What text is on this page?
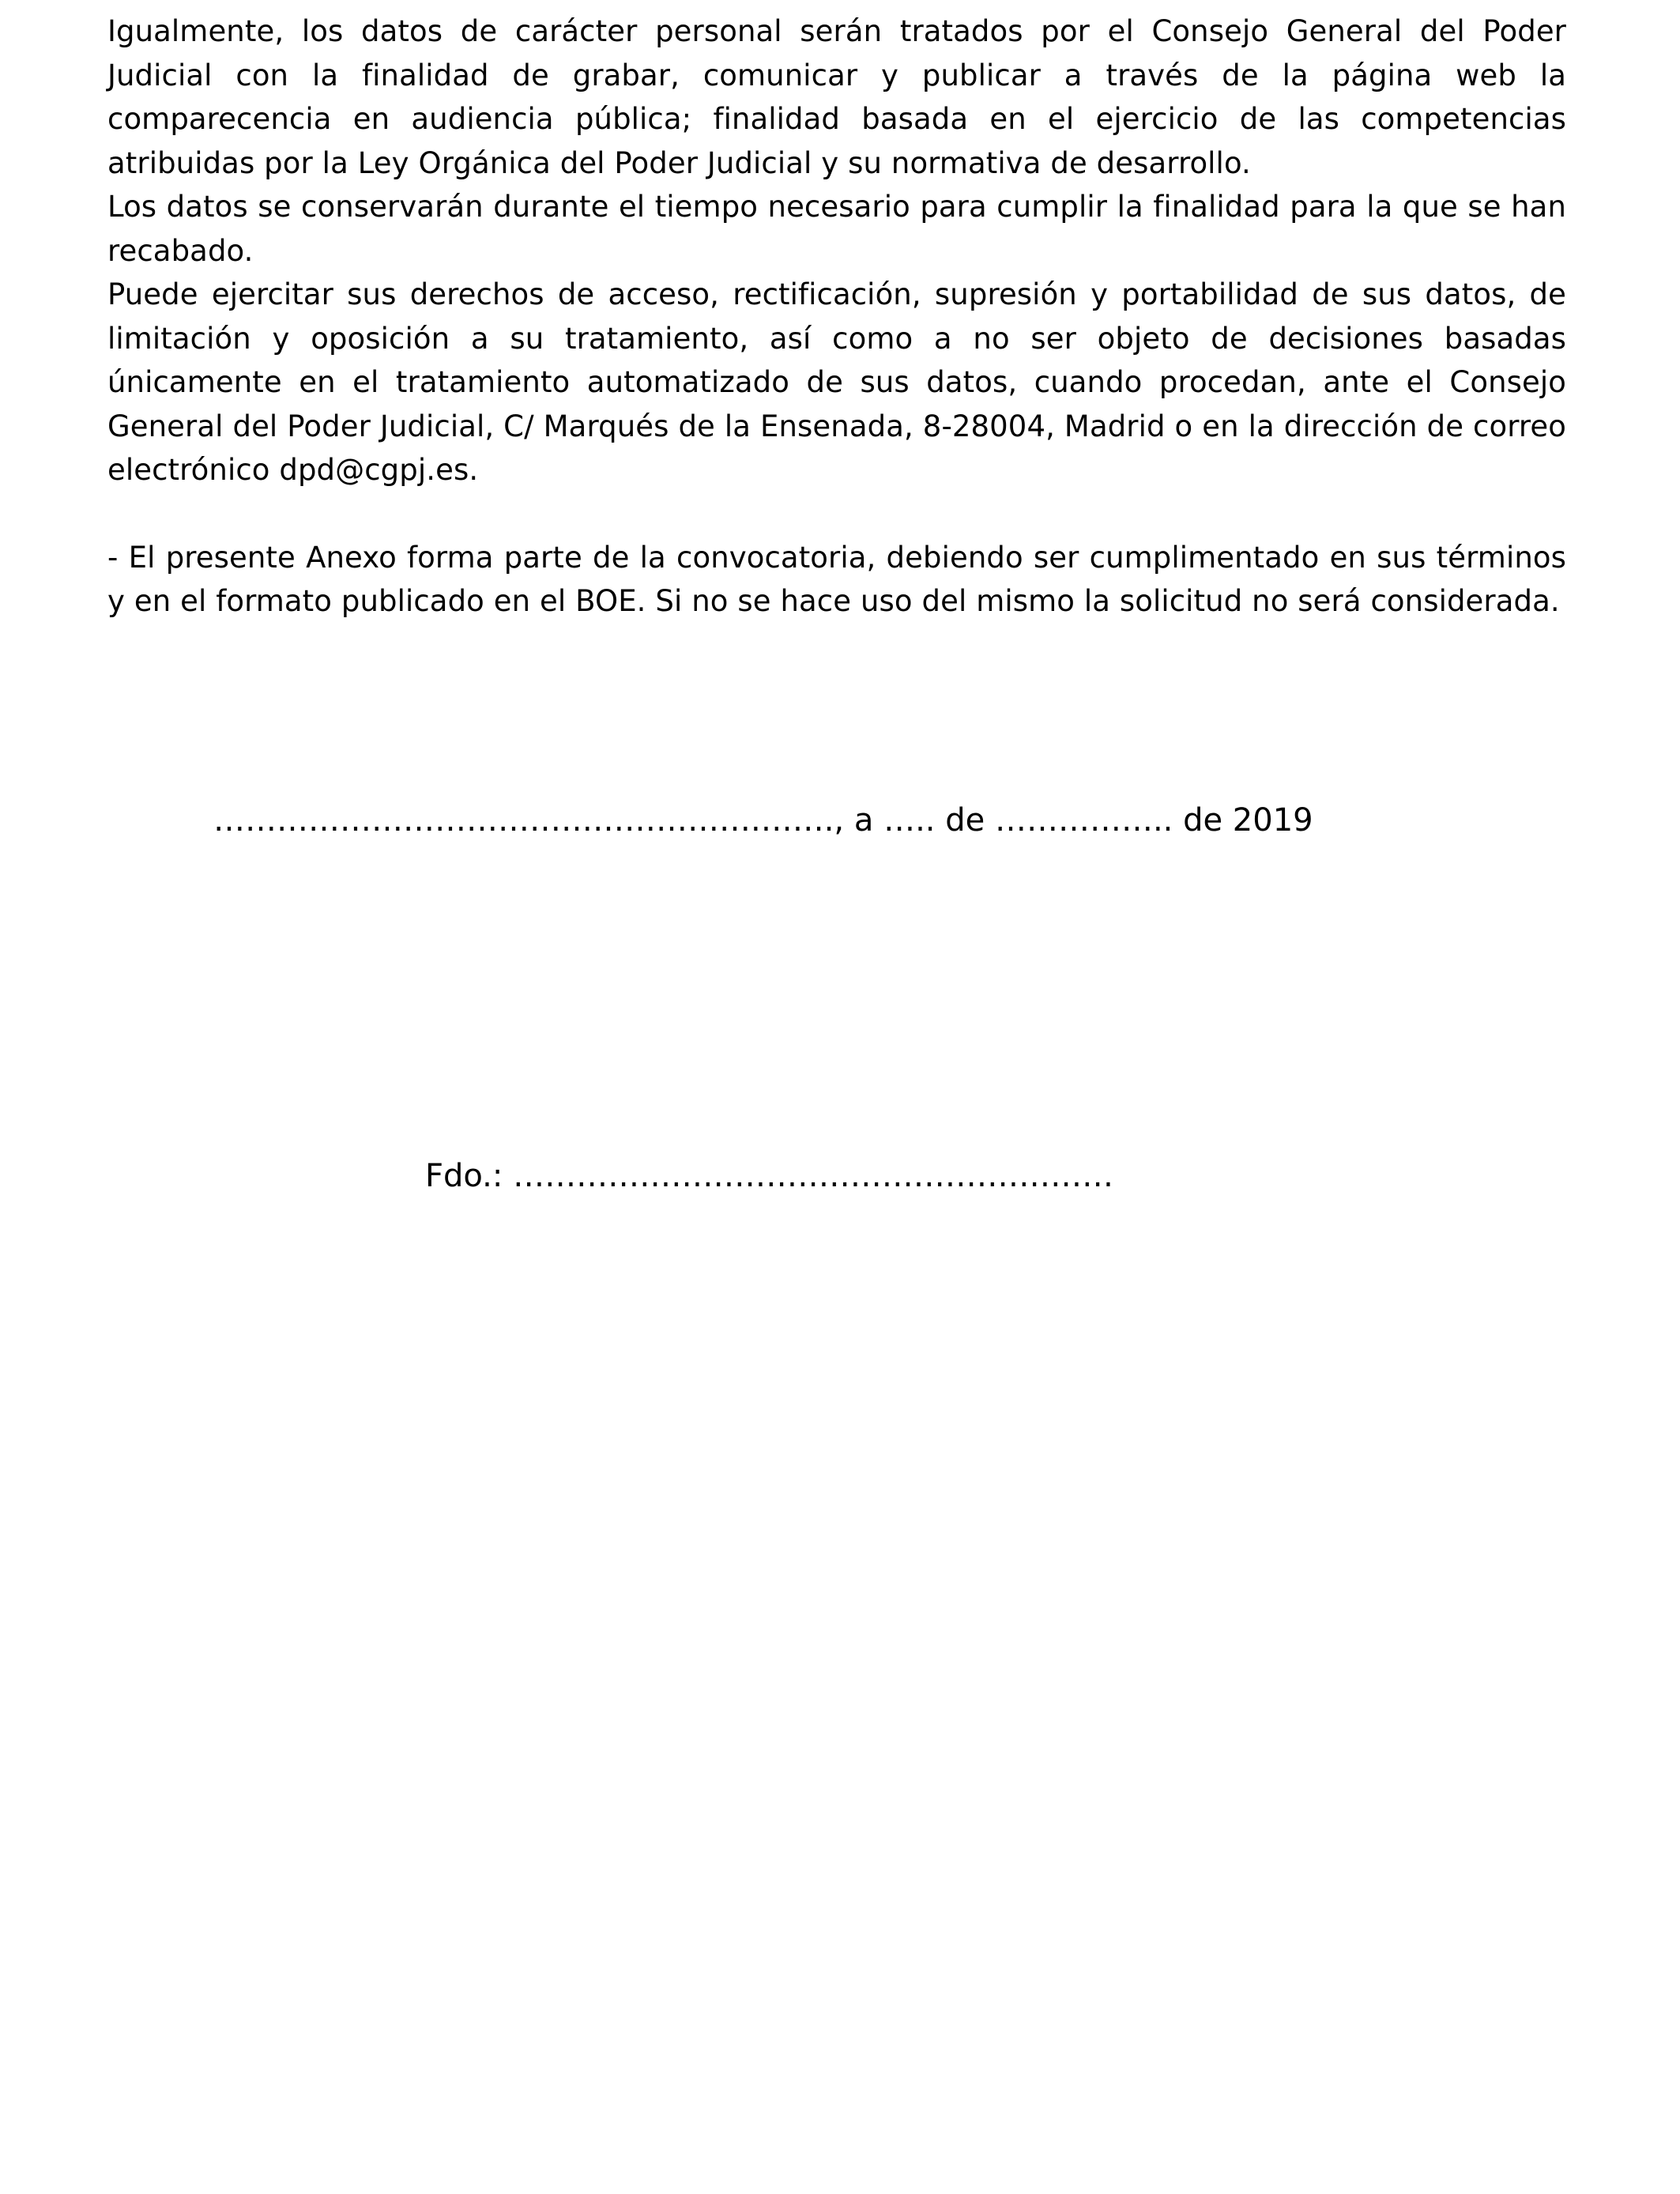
Igualmente, los datos de carácter personal serán tratados por el Consejo General del Poder Judicial con la finalidad de grabar, comunicar y publicar a través de la página web la comparecencia en audiencia pública; finalidad basada en el ejercicio de las competencias atribuidas por la Ley Orgánica del Poder Judicial y su normativa de desarrollo.

Los datos se conservarán durante el tiempo necesario para cumplir la finalidad para la que se han recabado.

Puede ejercitar sus derechos de acceso, rectificación, supresión y portabilidad de sus datos, de limitación y oposición a su tratamiento, así como a no ser objeto de decisiones basadas únicamente en el tratamiento automatizado de sus datos, cuando procedan, ante el Consejo General del Poder Judicial, C/ Marqués de la Ensenada, 8-28004, Madrid o en la dirección de correo electrónico dpd@cgpj.es.

- El presente Anexo forma parte de la convocatoria, debiendo ser cumplimentado en sus términos y en el formato publicado en el BOE. Si no se hace uso del mismo la solicitud no será considerada.

…………………………………………….……., a ….. de …………….. de 2019
Fdo.: …………………………………………………
